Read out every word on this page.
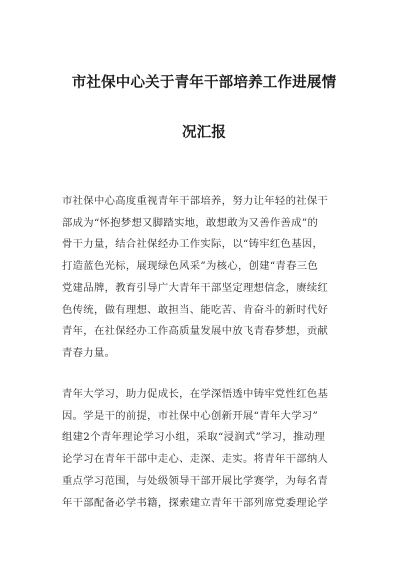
市社保中心关于青年干部培养工作进展情
况汇报
市社保中心高度重视青年干部培养，努力让年轻的社保干
部成为“怀抱梦想又脚踏实地，敢想敢为又善作善成”的
骨干力量，结合社保经办工作实际，以“铸牢红色基因，
打造蓝色光标，展现绿色风采”为核心，创建“青春三色
党建品牌，教育引导广大青年干部坚定理想信念，赓续红
色传统，做有理想、敢担当、能吃苦、肯奋斗的新时代好
青年，在社保经办工作高质量发展中放飞青春梦想，贡献
青春力量。
青年大学习，助力促成长，在学深悟透中铸牢党性红色基
因。学是干的前提，市社保中心创新开展“青年大学习”
组建2个青年理论学习小组，采取“浸润式”学习，推动理
论学习在青年干部中走心、走深、走实。将青年干部纳人
重点学习范围，与处级领导干部开展比学赛学，为每名青
年干部配备必学书籍，探索建立青年干部列席党委理论学
